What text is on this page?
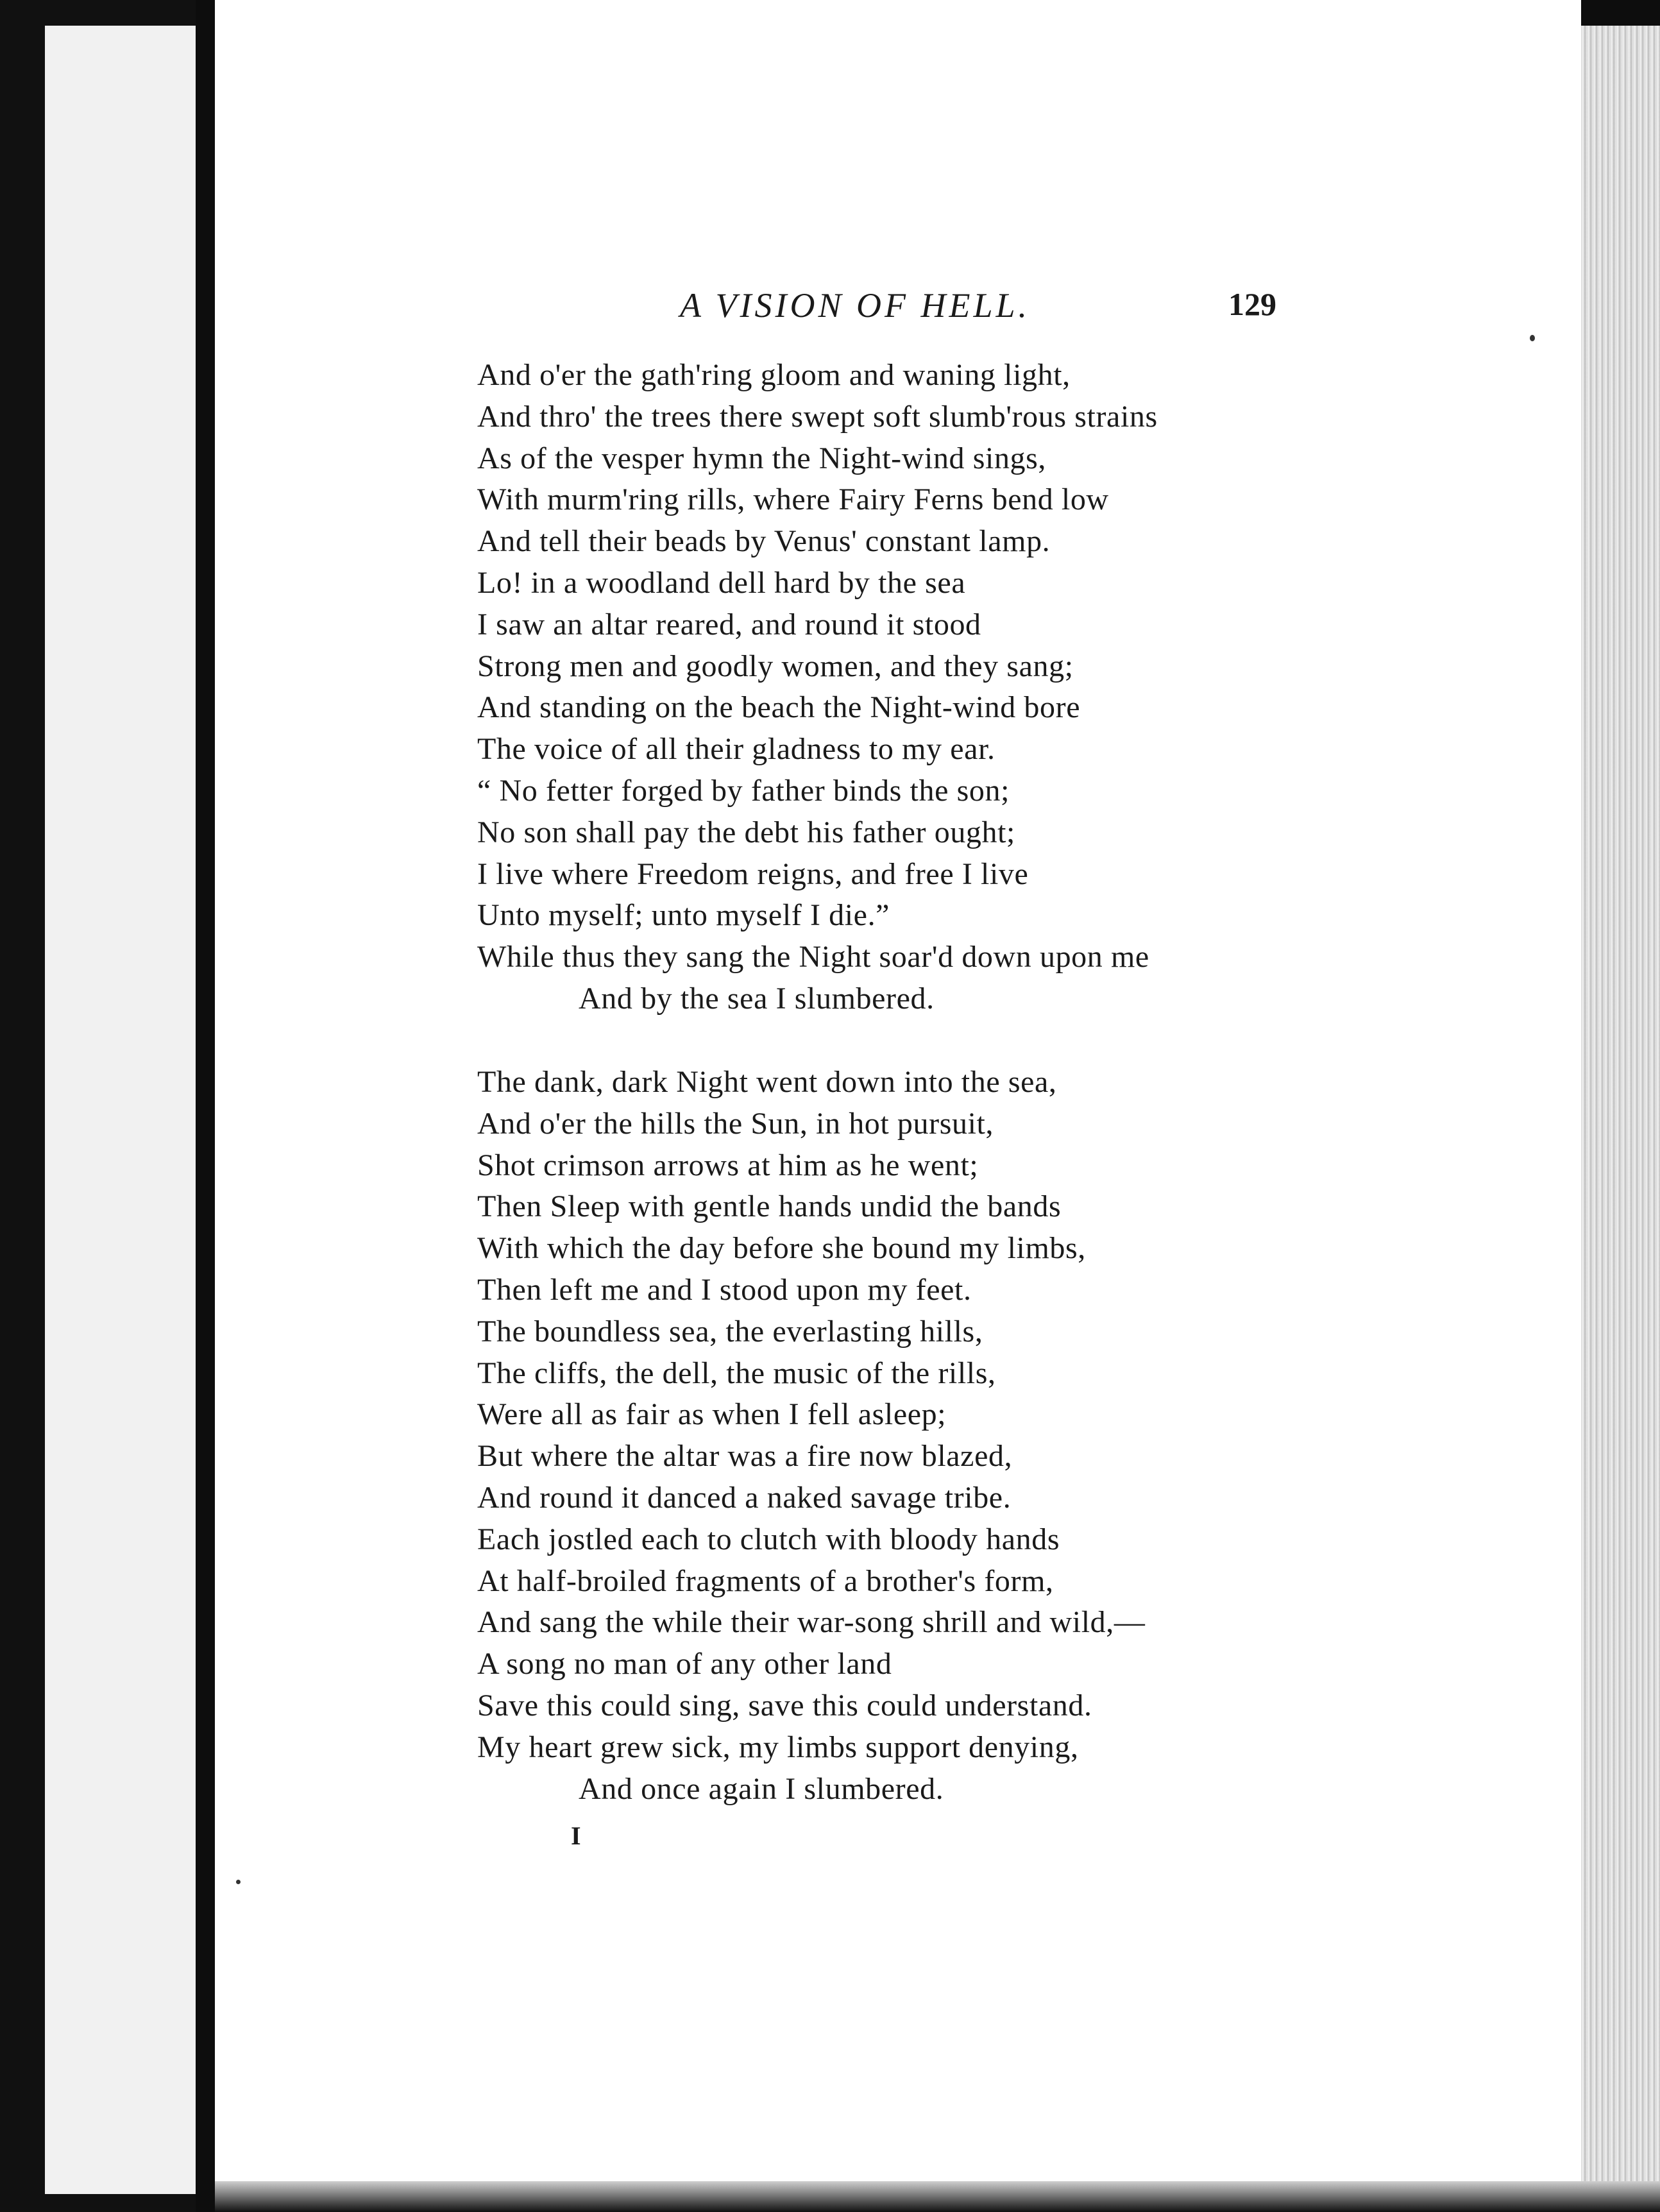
A VISION OF HELL.	129
And o'er the gath'ring gloom and waning light,
And thro' the trees there swept soft slumb'rous strains
As of the vesper hymn the Night-wind sings,
With murm'ring rills, where Fairy Ferns bend low
And tell their beads by Venus' constant lamp.
Lo! in a woodland dell hard by the sea
I saw an altar reared, and round it stood
Strong men and goodly women, and they sang;
And standing on the beach the Night-wind bore
The voice of all their gladness to my ear.
“ No fetter forged by father binds the son;
No son shall pay the debt his father ought;
I live where Freedom reigns, and free I live
Unto myself; unto myself I die.”
While thus they sang the Night soar'd down upon me
And by the sea I slumbered.
The dank, dark Night went down into the sea,
And o'er the hills the Sun, in hot pursuit,
Shot crimson arrows at him as he went;
Then Sleep with gentle hands undid the bands
With which the day before she bound my limbs,
Then left me and I stood upon my feet.
The boundless sea, the everlasting hills,
The cliffs, the dell, the music of the rills,
Were all as fair as when I fell asleep;
But where the altar was a fire now blazed,
And round it danced a naked savage tribe.
Each jostled each to clutch with bloody hands
At half-broiled fragments of a brother's form,
And sang the while their war-song shrill and wild,—
A song no man of any other land
Save this could sing, save this could understand.
My heart grew sick, my limbs support denying,
And once again I slumbered.
I
